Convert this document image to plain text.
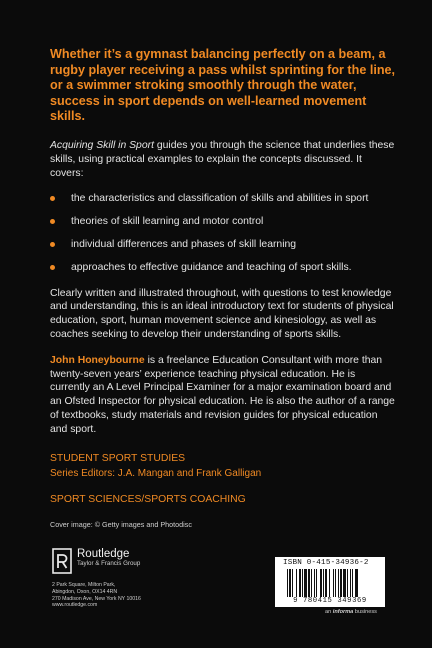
Whether it’s a gymnast balancing perfectly on a beam, a rugby player receiving a pass whilst sprinting for the line, or a swimmer stroking smoothly through the water, success in sport depends on well-learned movement skills.

Acquiring Skill in Sport guides you through the science that underlies these skills, using practical examples to explain the concepts discussed. It covers:

the characteristics and classification of skills and abilities in sport
theories of skill learning and motor control
individual differences and phases of skill learning
approaches to effective guidance and teaching of sport skills.

Clearly written and illustrated throughout, with questions to test knowledge and understanding, this is an ideal introductory text for students of physical education, sport, human movement science and kinesiology, as well as coaches seeking to develop their understanding of sports skills.

John Honeybourne is a freelance Education Consultant with more than twenty-seven years’ experience teaching physical education. He is currently an A Level Principal Examiner for a major examination board and an Ofsted Inspector for physical education. He is also the author of a range of textbooks, study materials and revision guides for physical education and sport.

STUDENT SPORT STUDIES
Series Editors: J.A. Mangan and Frank Galligan
SPORT SCIENCES/SPORTS COACHING
Cover image: © Getty images and Photodisc
Routledge
Taylor & Francis Group
2 Park Square, Milton Park,
Abingdon, Oxon, OX14 4RN
270 Madison Ave, New York NY 10016
www.routledge.com
ISBN 0-415-34936-2
9 780415 349369
an informa business
